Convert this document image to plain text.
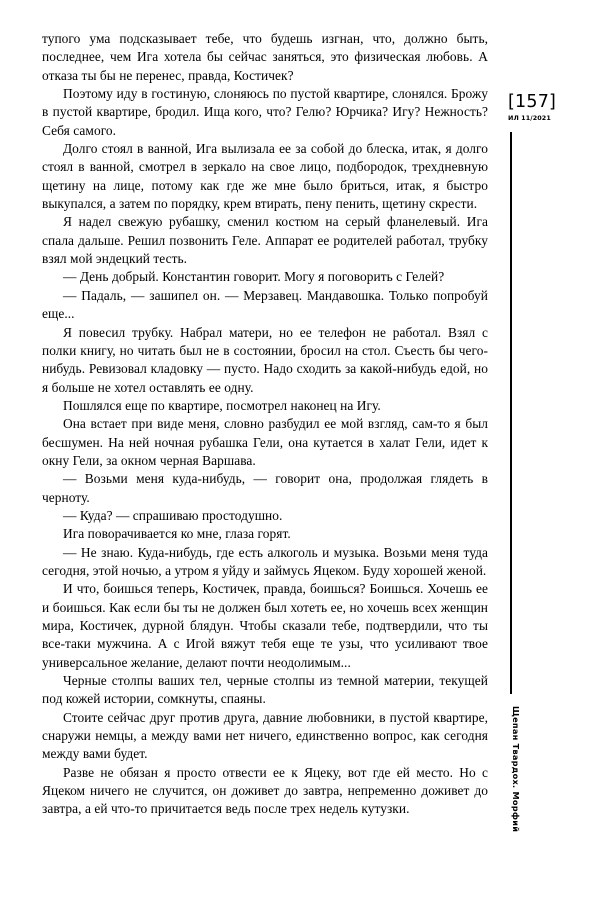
тупого ума подсказывает тебе, что будешь изгнан, что, должно быть, последнее, чем Ига хотела бы сейчас заняться, это физическая любовь. А отказа ты бы не перенес, правда, Костичек?

Поэтому иду в гостиную, слоняюсь по пустой квартире, слонялся. Брожу в пустой квартире, бродил. Ища кого, что? Гелю? Юрчика? Игу? Нежность? Себя самого.

Долго стоял в ванной, Ига вылизала ее за собой до блеска, итак, я долго стоял в ванной, смотрел в зеркало на свое лицо, подбородок, трехдневную щетину на лице, потому как где же мне было бриться, итак, я быстро выкупался, а затем по порядку, крем втирать, пену пенить, щетину скрести.

Я надел свежую рубашку, сменил костюм на серый фланелевый. Ига спала дальше. Решил позвонить Геле. Аппарат ее родителей работал, трубку взял мой эндецкий тесть.

— День добрый. Константин говорит. Могу я поговорить с Гелей?

— Падаль, — зашипел он. — Мерзавец. Мандавошка. Только попробуй еще...

Я повесил трубку. Набрал матери, но ее телефон не работал. Взял с полки книгу, но читать был не в состоянии, бросил на стол. Съесть бы чего-нибудь. Ревизовал кладовку — пусто. Надо сходить за какой-нибудь едой, но я больше не хотел оставлять ее одну.

Пошлялся еще по квартире, посмотрел наконец на Игу.

Она встает при виде меня, словно разбудил ее мой взгляд, сам-то я был бесшумен. На ней ночная рубашка Гели, она кутается в халат Гели, идет к окну Гели, за окном черная Варшава.

— Возьми меня куда-нибудь, — говорит она, продолжая глядеть в черноту.

— Куда? — спрашиваю простодушно.

Ига поворачивается ко мне, глаза горят.

— Не знаю. Куда-нибудь, где есть алкоголь и музыка. Возьми меня туда сегодня, этой ночью, а утром я уйду и займусь Яцеком. Буду хорошей женой.

И что, боишься теперь, Костичек, правда, боишься? Боишься. Хочешь ее и боишься. Как если бы ты не должен был хотеть ее, но хочешь всех женщин мира, Костичек, дурной блядун. Чтобы сказали тебе, подтвердили, что ты все-таки мужчина. А с Игой вяжут тебя еще те узы, что усиливают твое универсальное желание, делают почти неодолимым...

Черные столпы ваших тел, черные столпы из темной материи, текущей под кожей истории, сомкнуты, спаяны.

Стоите сейчас друг против друга, давние любовники, в пустой квартире, снаружи немцы, а между вами нет ничего, единственно вопрос, как сегодня между вами будет.

Разве не обязан я просто отвести ее к Яцеку, вот где ей место. Но с Яцеком ничего не случится, он доживет до завтра, непременно доживет до завтра, а ей что-то причитается ведь после трех недель кутузки.

[157]
ИЛ 11/2021
Щепан Твардох. Морфий
